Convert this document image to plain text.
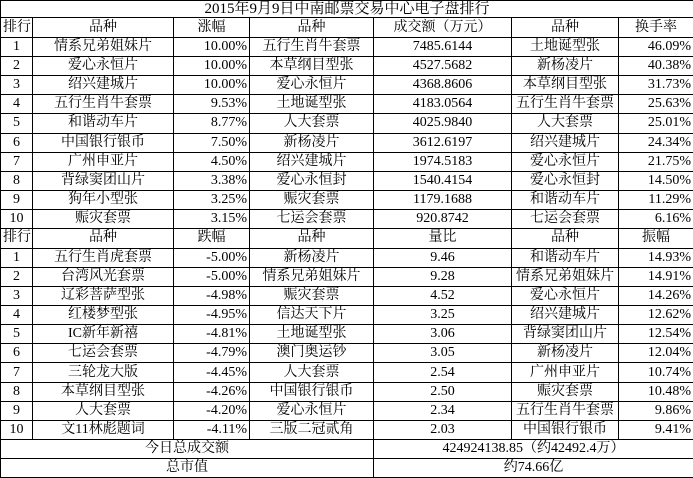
2015年9月9日中南邮票交易中心电子盘排行						
排行	品种	涨幅	品种	成交额（万元）	品种	换手率
1	情系兄弟姐妹片	10.00%	五行生肖牛套票	7485.6144	土地诞型张	46.09%
2	爱心永恒片	10.00%	本草纲目型张	4527.5682	新杨凌片	40.38%
3	绍兴建城片	10.00%	爱心永恒片	4368.8606	本草纲目型张	31.73%
4	五行生肖牛套票	9.53%	土地诞型张	4183.0564	五行生肖牛套票	25.63%
5	和谐动车片	8.77%	人大套票	4025.9840	人大套票	25.01%
6	中国银行银币	7.50%	新杨凌片	3612.6197	绍兴建城片	24.34%
7	广州申亚片	4.50%	绍兴建城片	1974.5183	爱心永恒片	21.75%
8	背绿窦团山片	3.38%	爱心永恒封	1540.4154	爱心永恒封	14.50%
9	狗年小型张	3.25%	赈灾套票	1179.1688	和谐动车片	11.29%
10	赈灾套票	3.15%	七运会套票	920.8742	七运会套票	6.16%
排行	品种	跌幅	品种	量比	品种	振幅
1	五行生肖虎套票	-5.00%	新杨凌片	9.46	和谐动车片	14.93%
2	台湾风光套票	-5.00%	情系兄弟姐妹片	9.28	情系兄弟姐妹片	14.91%
3	辽彩菩萨型张	-4.98%	赈灾套票	4.52	爱心永恒片	14.26%
4	红楼梦型张	-4.95%	信达天下片	3.25	绍兴建城片	12.62%
5	IC新年新禧	-4.81%	土地诞型张	3.06	背绿窦团山片	12.54%
6	七运会套票	-4.79%	澳门奥运钞	3.05	新杨凌片	12.04%
7	三轮龙大版	-4.45%	人大套票	2.54	广州申亚片	10.74%
8	本草纲目型张	-4.26%	中国银行银币	2.50	赈灾套票	10.48%
9	人大套票	-4.20%	爱心永恒片	2.34	五行生肖牛套票	9.86%
10	文11林彪题词	-4.11%	三版二冠贰角	2.03	中国银行银币	9.41%
今日总成交额				424924138.85（约42492.4万）		
总市值				约74.66亿		
